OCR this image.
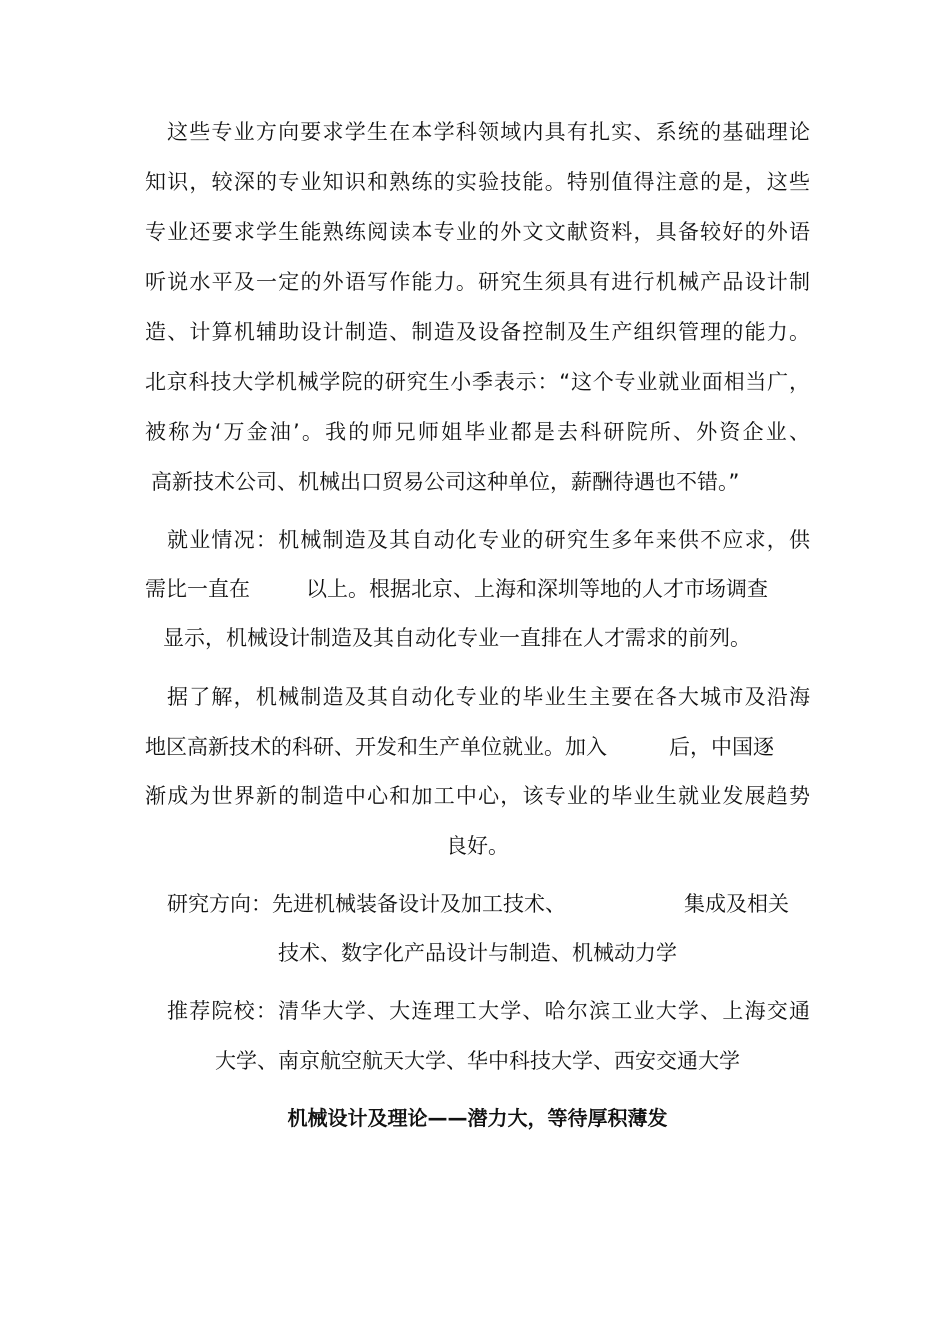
这些专业方向要求学生在本学科领域内具有扎实、系统的基础理论
知识，较深的专业知识和熟练的实验技能。特别值得注意的是，这些
专业还要求学生能熟练阅读本专业的外文文献资料，具备较好的外语
听说水平及一定的外语写作能力。研究生须具有进行机械产品设计制
造、计算机辅助设计制造、制造及设备控制及生产组织管理的能力。
北京科技大学机械学院的研究生小季表示：“这个专业就业面相当广，
被称为‘万金油’。我的师兄师姐毕业都是去科研院所、外资企业、
高新技术公司、机械出口贸易公司这种单位，薪酬待遇也不错。”
就业情况：机械制造及其自动化专业的研究生多年来供不应求，供
需比一直在	以上。根据北京、上海和深圳等地的人才市场调查
显示，机械设计制造及其自动化专业一直排在人才需求的前列。
据了解，机械制造及其自动化专业的毕业生主要在各大城市及沿海
地区高新技术的科研、开发和生产单位就业。加入	后，中国逐
渐成为世界新的制造中心和加工中心，该专业的毕业生就业发展趋势
良好。
研究方向：先进机械装备设计及加工技术、	集成及相关
技术、数字化产品设计与制造、机械动力学
推荐院校：清华大学、大连理工大学、哈尔滨工业大学、上海交通
大学、南京航空航天大学、华中科技大学、西安交通大学
机械设计及理论——潜力大，等待厚积薄发
